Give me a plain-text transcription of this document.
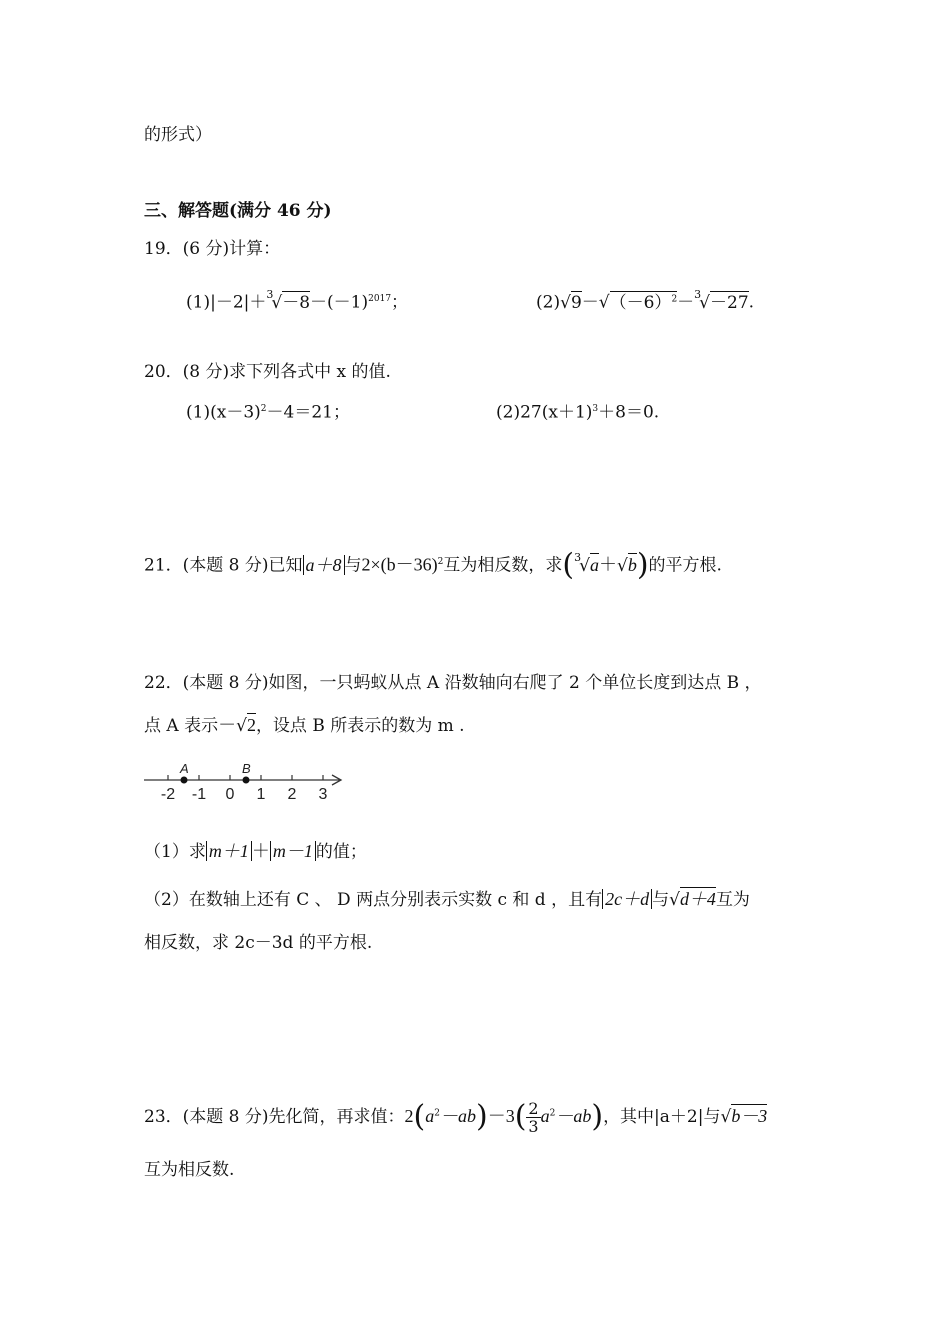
的形式）
三、解答题(满分 46 分)
19．(6 分)计算：
$(1)|-2|+^3√-8-(-1)^{2017}$；	$(2)√9-√(-6)^2-^3√-27$.
20．(8 分)求下列各式中 x 的值.
$(1)(x-3)^2-4=21$；	$(2)27(x+1)^3+8=0$.
21．(本题 8 分)已知 a＋8 与$2\times(b-36)^2$互为相反数，求($^3$√a＋√b)的平方根.
22．(本题 8 分)如图，一只蚂蚁从点 A 沿数轴向右爬了 2 个单位长度到达点 B ，
点 A 表示－√2，设点 B 所表示的数为 m .
-2 -1 0 1 2 3
A	B
（1）求 m＋1 ＋ m－1 的值；
（2）在数轴上还有 C 、 D 两点分别表示实数 c 和 d ，且有 2c＋d 与√d＋4互为
相反数，求 2c－3d 的平方根.
23．(本题 8 分)先化简，再求值：$2(a^2-ab)-3( \frac{2}{3} a^2-ab)$，其中|a＋2|与√b－3
互为相反数.
